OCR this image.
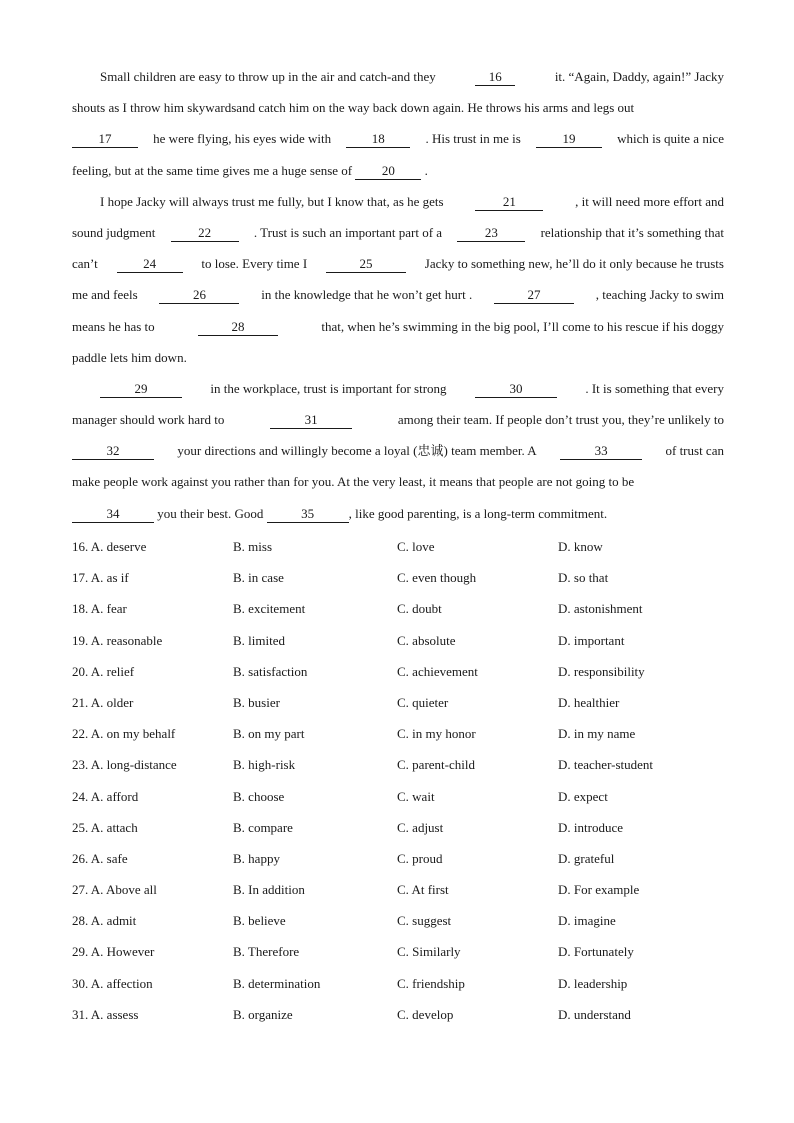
Small children are easy to throw up in the air and catch-and they	16	it. “Again, Daddy, again!” Jacky
shouts as I throw him skywardsand catch him on the way back down again. He throws his arms and legs out
17	he were flying, his eyes wide with	18	. His trust in me is	19	which is quite a nice
feeling, but at the same time gives me a huge sense of
	20
	.
I hope Jacky will always trust me fully, but I know that, as he gets	21	, it will need more effort and
sound judgment	22	. Trust is such an important part of a	23	relationship that it’s something that
can’t	24	to lose. Every time I	25	Jacky to something new, he’ll do it only because he trusts
me and feels	26	in the knowledge that he won’t get hurt .	27	, teaching Jacky to swim
means he has to	28	that, when he’s swimming in the big pool, I’ll come to his rescue if his doggy
paddle lets him down.
29	in the workplace, trust is important for strong	30	. It is something that every
manager should work hard to	31	among their team. If people don’t trust you, they’re unlikely to
32	your directions and willingly become a loyal (忠诚) team member. A	33	of trust can
make people work against you rather than for you. At the very least, it means that people are not going to be
34
	you their best. Good
	35	, like good parenting, is a long-term commitment.
16. A. deserve	B. miss	C. love	D. know
17. A. as if	B. in case	C. even though	D. so that
18. A. fear	B. excitement	C. doubt	D. astonishment
19. A. reasonable	B. limited	C. absolute	D. important
20. A. relief	B. satisfaction	C. achievement	D. responsibility
21. A. older	B. busier	C. quieter	D. healthier
22. A. on my behalf	B. on my part	C. in my honor	D. in my name
23. A. long-distance	B. high-risk	C. parent-child	D. teacher-student
24. A. afford	B. choose	C. wait	D. expect
25. A. attach	B. compare	C. adjust	D. introduce
26. A. safe	B. happy	C. proud	D. grateful
27. A. Above all	B. In addition	C. At first	D. For example
28. A. admit	B. believe	C. suggest	D. imagine
29. A. However	B. Therefore	C. Similarly	D. Fortunately
30. A. affection	B. determination	C. friendship	D. leadership
31. A. assess	B. organize	C. develop	D. understand
